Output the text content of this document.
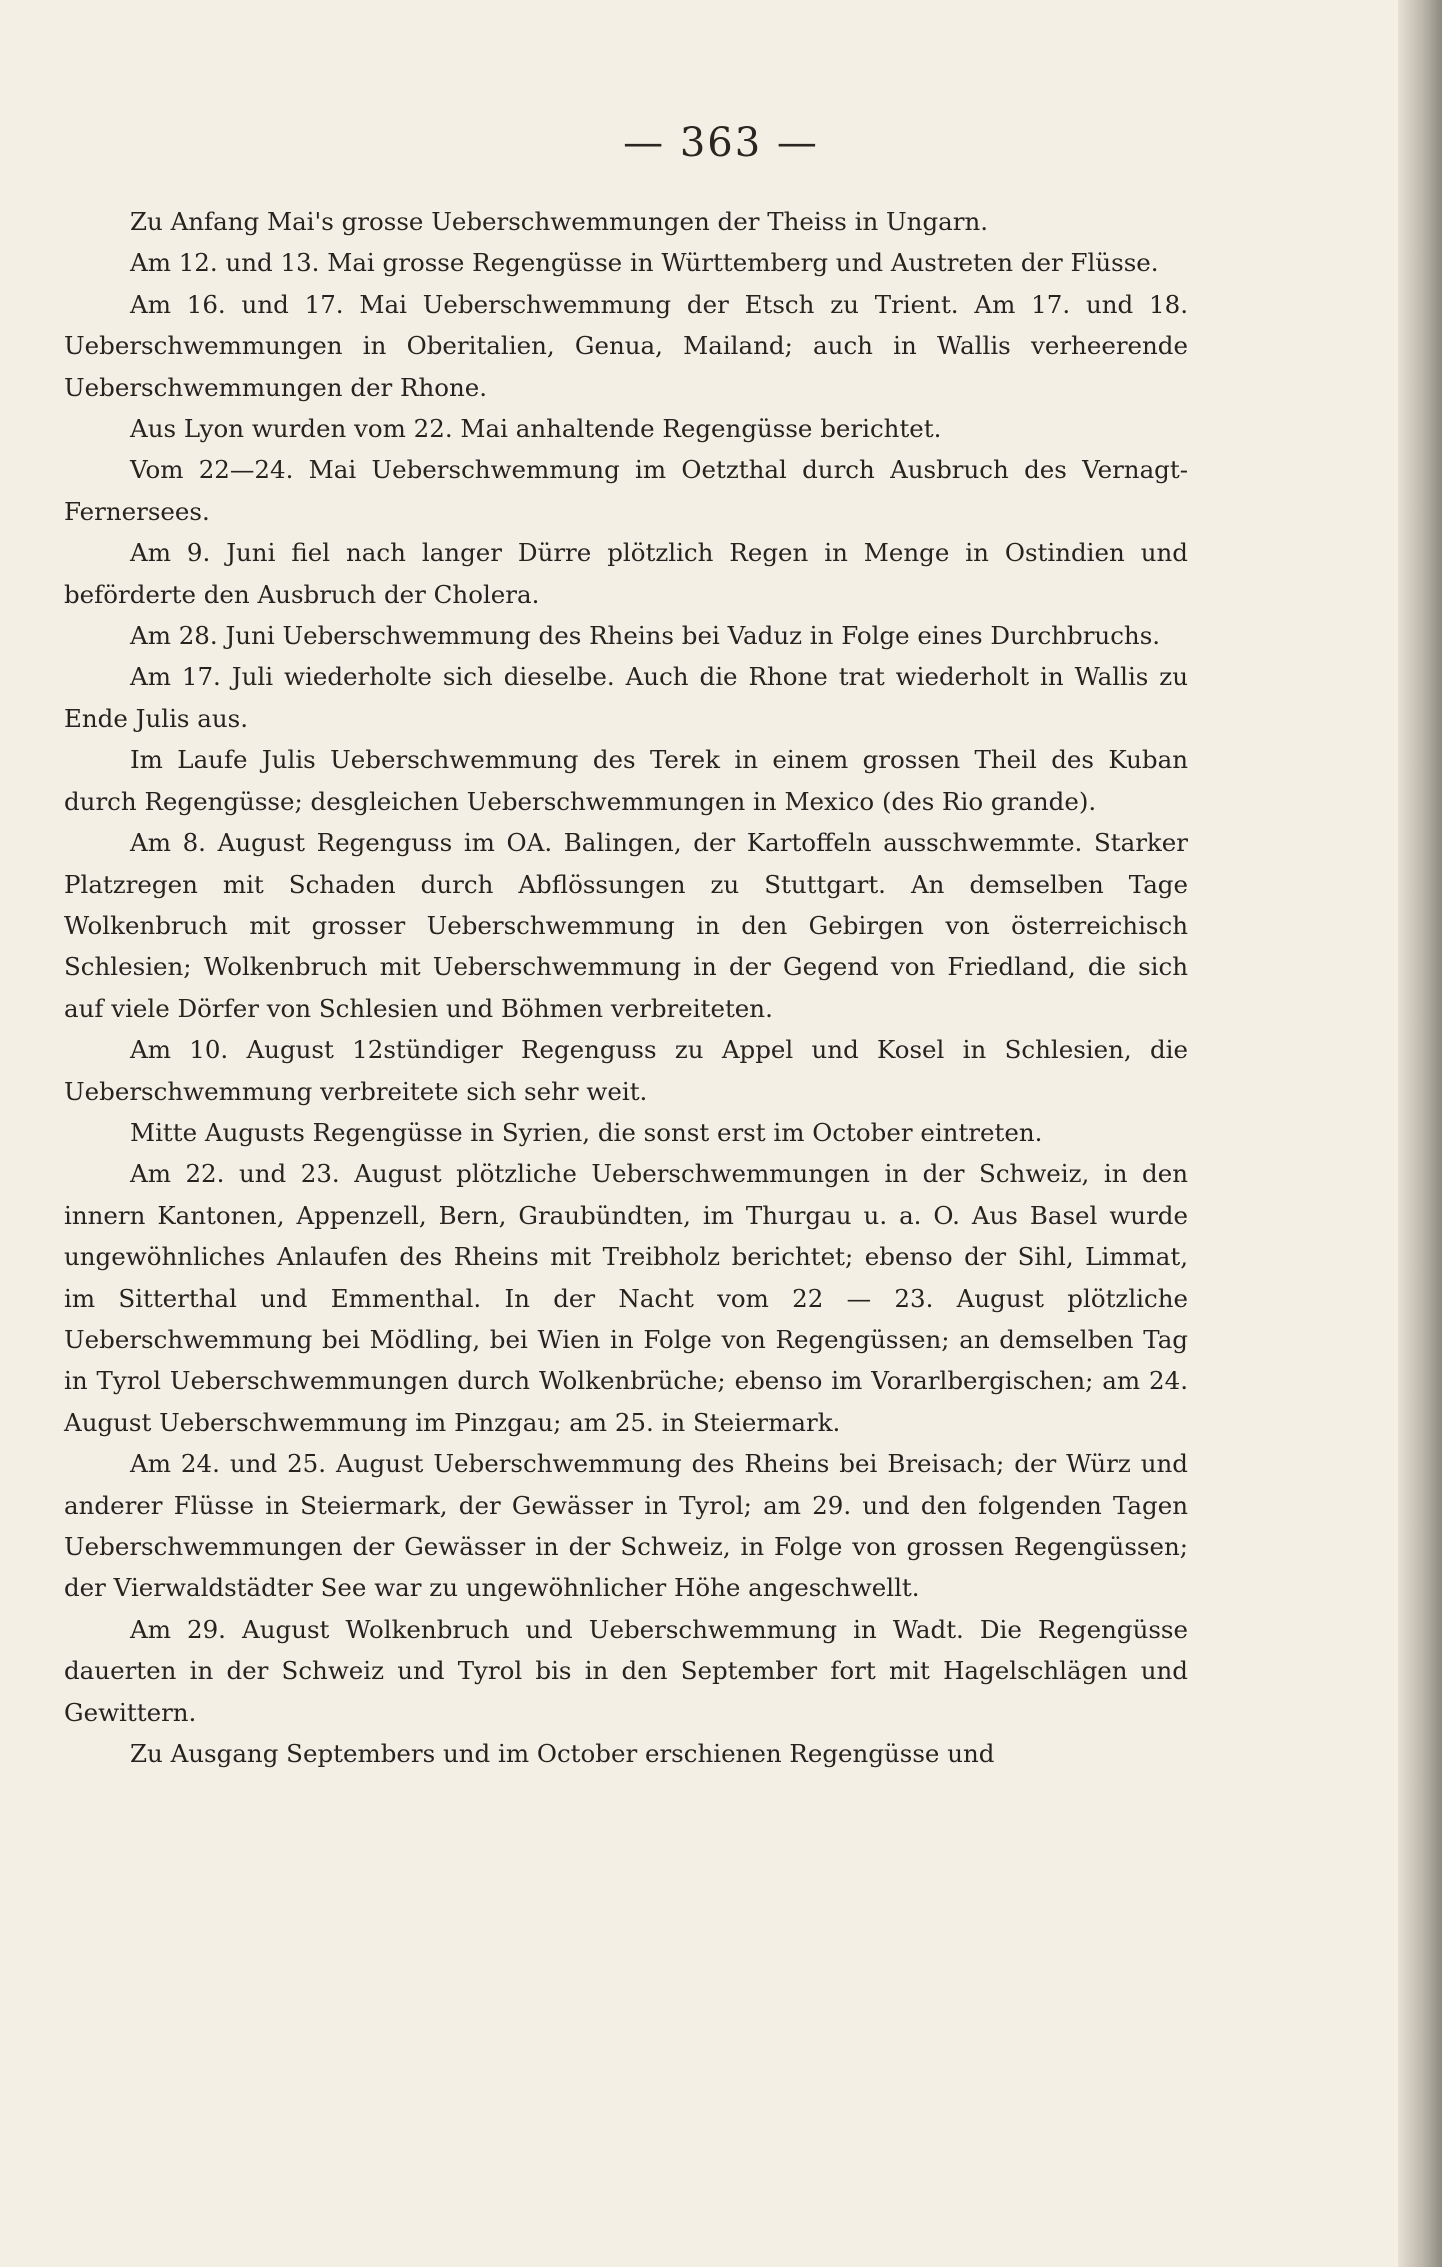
— 363 —

Zu Anfang Mai's grosse Ueberschwemmungen der Theiss in Ungarn.

Am 12. und 13. Mai grosse Regengüsse in Württemberg und Austreten der Flüsse.

Am 16. und 17. Mai Ueberschwemmung der Etsch zu Trient. Am 17. und 18. Ueberschwemmungen in Oberitalien, Genua, Mailand; auch in Wallis verheerende Ueberschwemmungen der Rhone.

Aus Lyon wurden vom 22. Mai anhaltende Regengüsse berichtet.

Vom 22—24. Mai Ueberschwemmung im Oetzthal durch Ausbruch des Vernagt-Fernersees.

Am 9. Juni fiel nach langer Dürre plötzlich Regen in Menge in Ostindien und beförderte den Ausbruch der Cholera.

Am 28. Juni Ueberschwemmung des Rheins bei Vaduz in Folge eines Durchbruchs.

Am 17. Juli wiederholte sich dieselbe. Auch die Rhone trat wiederholt in Wallis zu Ende Julis aus.

Im Laufe Julis Ueberschwemmung des Terek in einem grossen Theil des Kuban durch Regengüsse; desgleichen Ueberschwemmungen in Mexico (des Rio grande).

Am 8. August Regenguss im OA. Balingen, der Kartoffeln ausschwemmte. Starker Platzregen mit Schaden durch Abflössungen zu Stuttgart. An demselben Tage Wolkenbruch mit grosser Ueberschwemmung in den Gebirgen von österreichisch Schlesien; Wolkenbruch mit Ueberschwemmung in der Gegend von Friedland, die sich auf viele Dörfer von Schlesien und Böhmen verbreiteten.

Am 10. August 12stündiger Regenguss zu Appel und Kosel in Schlesien, die Ueberschwemmung verbreitete sich sehr weit.

Mitte Augusts Regengüsse in Syrien, die sonst erst im October eintreten.

Am 22. und 23. August plötzliche Ueberschwemmungen in der Schweiz, in den innern Kantonen, Appenzell, Bern, Graubündten, im Thurgau u. a. O. Aus Basel wurde ungewöhnliches Anlaufen des Rheins mit Treibholz berichtet; ebenso der Sihl, Limmat, im Sitterthal und Emmenthal. In der Nacht vom 22 — 23. August plötzliche Ueberschwemmung bei Mödling, bei Wien in Folge von Regengüssen; an demselben Tag in Tyrol Ueberschwemmungen durch Wolkenbrüche; ebenso im Vorarlbergischen; am 24. August Ueberschwemmung im Pinzgau; am 25. in Steiermark.

Am 24. und 25. August Ueberschwemmung des Rheins bei Breisach; der Würz und anderer Flüsse in Steiermark, der Gewässer in Tyrol; am 29. und den folgenden Tagen Ueberschwemmungen der Gewässer in der Schweiz, in Folge von grossen Regengüssen; der Vierwaldstädter See war zu ungewöhnlicher Höhe angeschwellt.

Am 29. August Wolkenbruch und Ueberschwemmung in Wadt. Die Regengüsse dauerten in der Schweiz und Tyrol bis in den September fort mit Hagelschlägen und Gewittern.

Zu Ausgang Septembers und im October erschienen Regengüsse und
